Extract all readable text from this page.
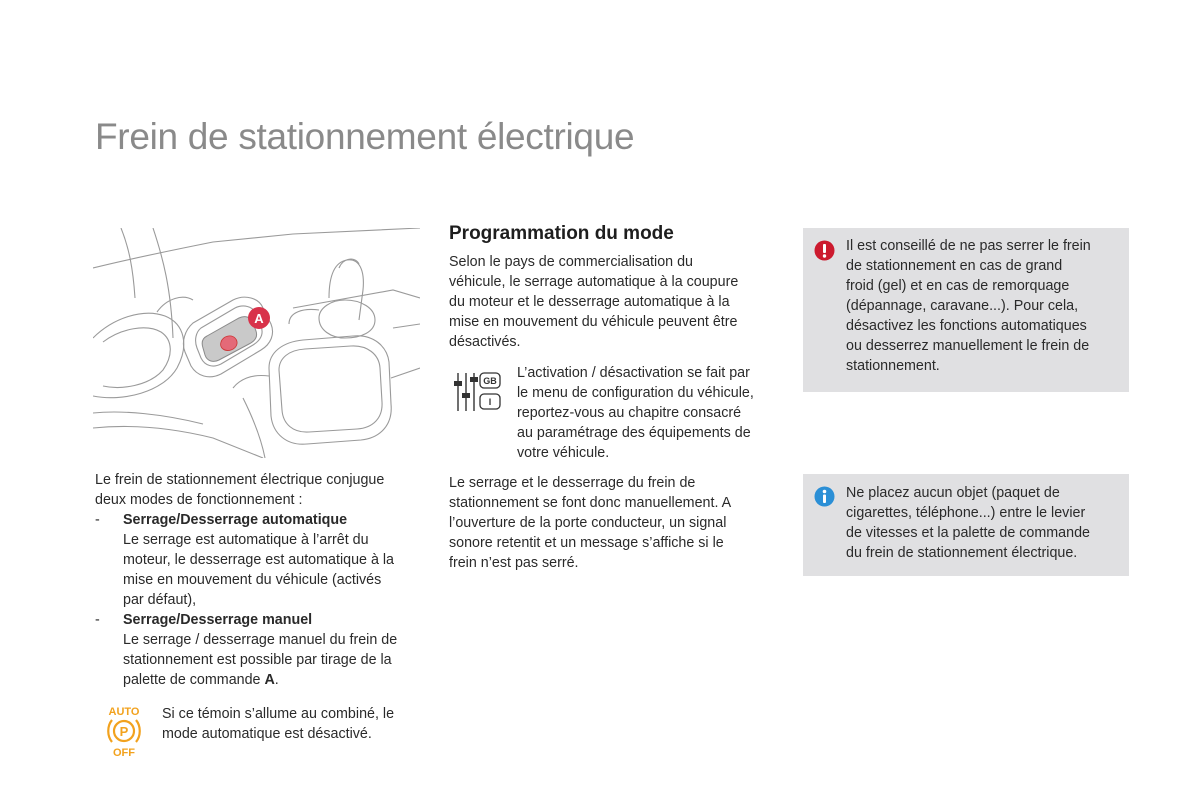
Frein de stationnement électrique
A
Le frein de stationnement électrique conjugue
deux modes de fonctionnement :
- Serrage/Desserrage automatique
Le serrage est automatique à l’arrêt du
moteur, le desserrage est automatique à la
mise en mouvement du véhicule (activés
par défaut),
- Serrage/Desserrage manuel
Le serrage / desserrage manuel du frein de
stationnement est possible par tirage de la
palette de commande A.
AUTO
P
OFF
Si ce témoin s’allume au combiné, le
mode automatique est désactivé.
Programmation du mode
Selon le pays de commercialisation du
véhicule, le serrage automatique à la coupure
du moteur et le desserrage automatique à la
mise en mouvement du véhicule peuvent être
désactivés.
GB
I
L’activation / désactivation se fait par
le menu de configuration du véhicule,
reportez-vous au chapitre consacré
au paramétrage des équipements de
votre véhicule.
Le serrage et le desserrage du frein de
stationnement se font donc manuellement. A
l’ouverture de la porte conducteur, un signal
sonore retentit et un message s’affiche si le
frein n’est pas serré.
Il est conseillé de ne pas serrer le frein
de stationnement en cas de grand
froid (gel) et en cas de remorquage
(dépannage, caravane...). Pour cela,
désactivez les fonctions automatiques
ou desserrez manuellement le frein de
stationnement.
Ne placez aucun objet (paquet de
cigarettes, téléphone...) entre le levier
de vitesses et la palette de commande
du frein de stationnement électrique.
